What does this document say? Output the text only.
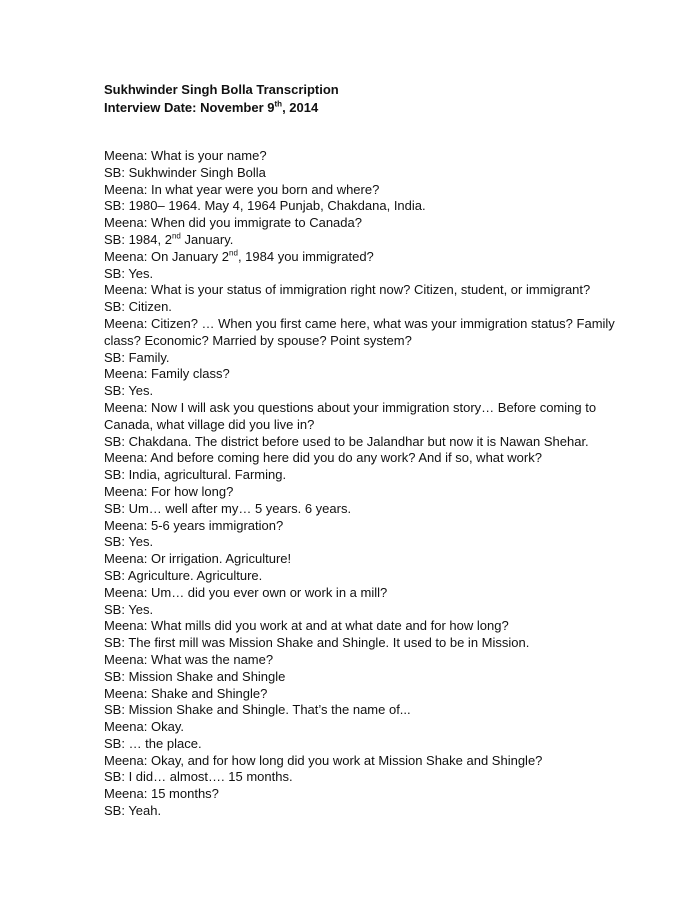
Sukhwinder Singh Bolla Transcription
Interview Date: November 9th, 2014
Meena: What is your name?
SB: Sukhwinder Singh Bolla
Meena: In what year were you born and where?
SB: 1980– 1964. May 4, 1964 Punjab, Chakdana, India.
Meena: When did you immigrate to Canada?
SB: 1984, 2nd January.
Meena: On January 2nd, 1984 you immigrated?
SB: Yes.
Meena: What is your status of immigration right now? Citizen, student, or immigrant?
SB: Citizen.
Meena: Citizen? … When you first came here, what was your immigration status? Family class? Economic? Married by spouse? Point system?
SB: Family.
Meena: Family class?
SB: Yes.
Meena: Now I will ask you questions about your immigration story… Before coming to Canada, what village did you live in?
SB: Chakdana. The district before used to be Jalandhar but now it is Nawan Shehar.
Meena: And before coming here did you do any work? And if so, what work?
SB: India, agricultural. Farming.
Meena: For how long?
SB: Um… well after my… 5 years. 6 years.
Meena: 5-6 years immigration?
SB: Yes.
Meena: Or irrigation. Agriculture!
SB: Agriculture. Agriculture.
Meena: Um… did you ever own or work in a mill?
SB: Yes.
Meena: What mills did you work at and at what date and for how long?
SB: The first mill was Mission Shake and Shingle. It used to be in Mission.
Meena: What was the name?
SB: Mission Shake and Shingle
Meena: Shake and Shingle?
SB: Mission Shake and Shingle. That’s the name of...
Meena: Okay.
SB: … the place.
Meena: Okay, and for how long did you work at Mission Shake and Shingle?
SB: I did… almost…. 15 months.
Meena: 15 months?
SB: Yeah.
